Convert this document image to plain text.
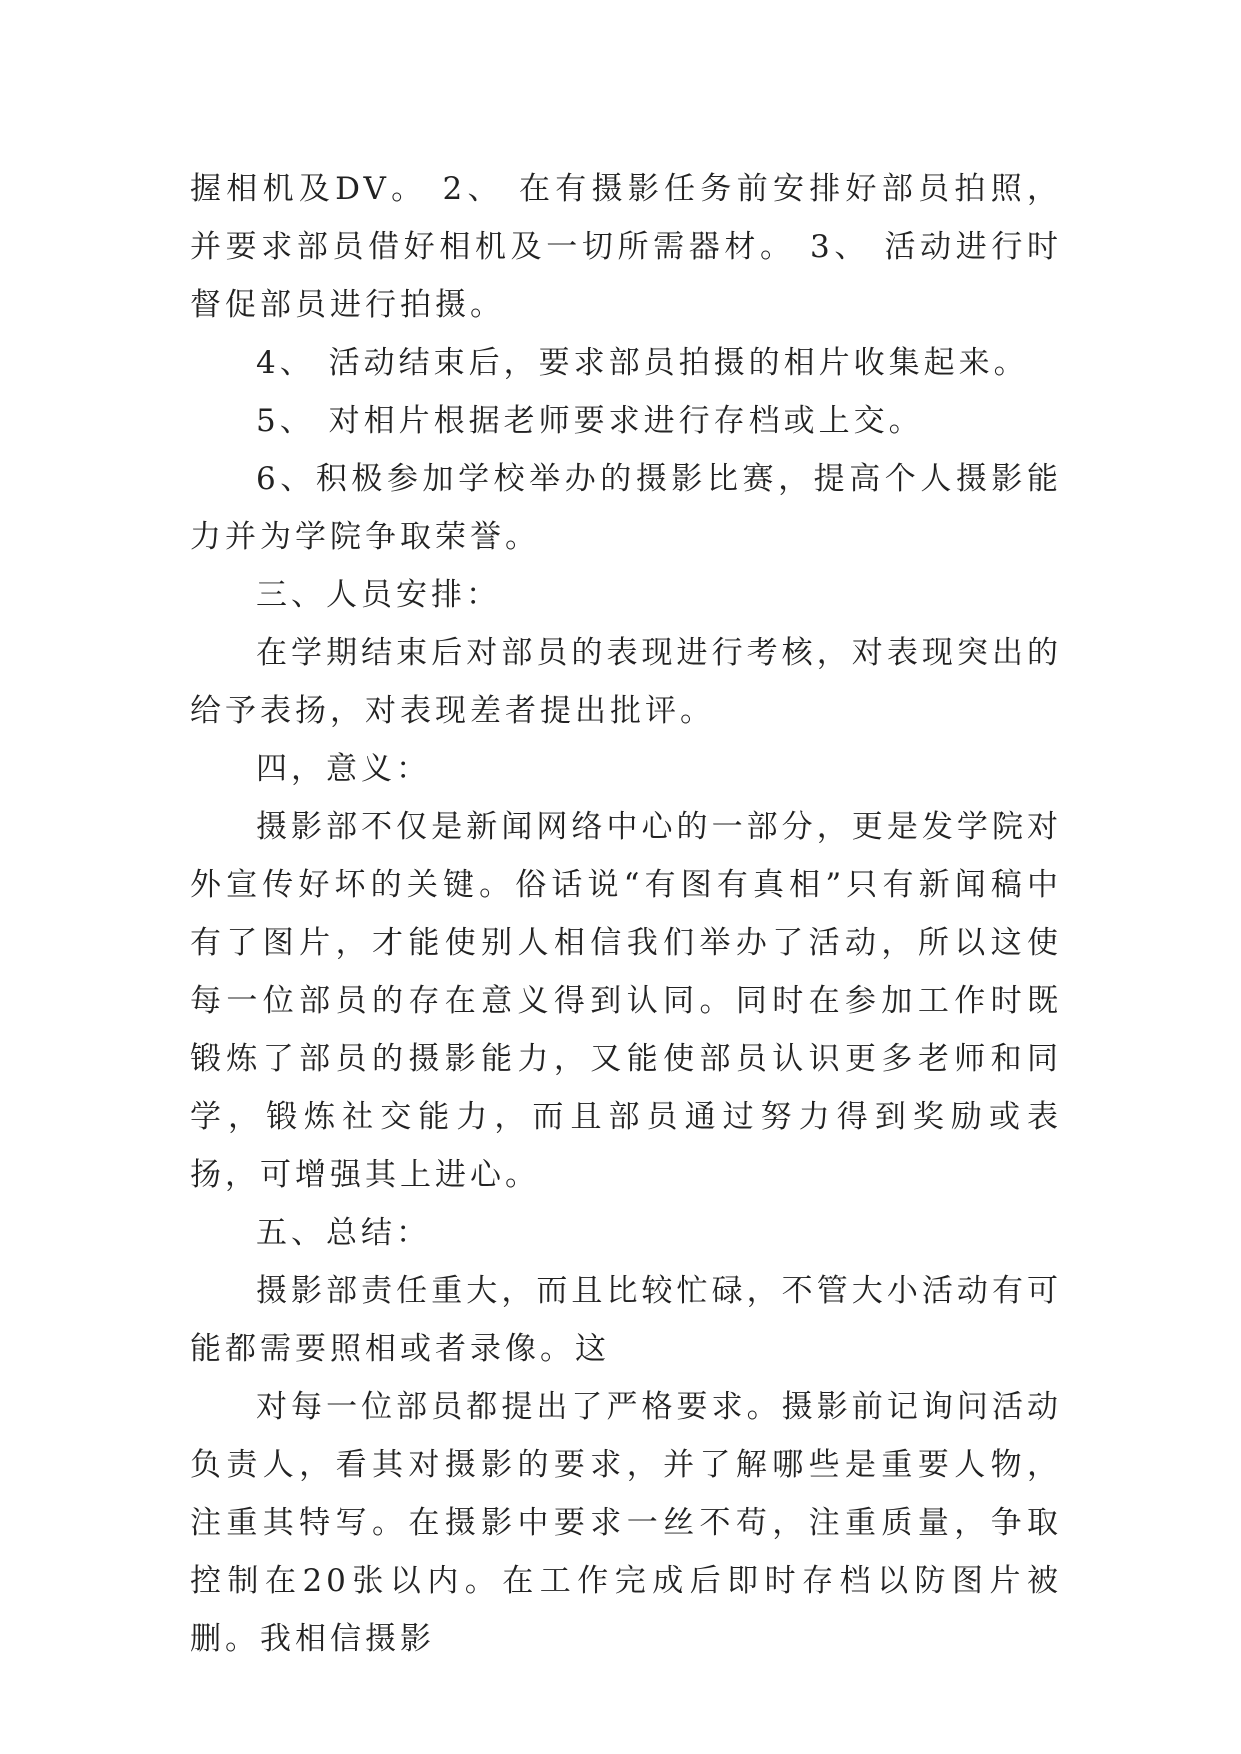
握相机及DV。 2、 在有摄影任务前安排好部员拍照，并要求部员借好相机及一切所需器材。 3、 活动进行时督促部员进行拍摄。

4、 活动结束后，要求部员拍摄的相片收集起来。

5、 对相片根据老师要求进行存档或上交。

6、积极参加学校举办的摄影比赛，提高个人摄影能力并为学院争取荣誉。

三、人员安排：

在学期结束后对部员的表现进行考核，对表现突出的给予表扬，对表现差者提出批评。

四，意义：

摄影部不仅是新闻网络中心的一部分，更是发学院对外宣传好坏的关键。俗话说“有图有真相”只有新闻稿中有了图片，才能使别人相信我们举办了活动，所以这使每一位部员的存在意义得到认同。同时在参加工作时既锻炼了部员的摄影能力，又能使部员认识更多老师和同学，锻炼社交能力，而且部员通过努力得到奖励或表扬，可增强其上进心。

五、总结：

摄影部责任重大，而且比较忙碌，不管大小活动有可能都需要照相或者录像。这

对每一位部员都提出了严格要求。摄影前记询问活动负责人，看其对摄影的要求，并了解哪些是重要人物，注重其特写。在摄影中要求一丝不苟，注重质量，争取控制在20张以内。在工作完成后即时存档以防图片被删。我相信摄影
